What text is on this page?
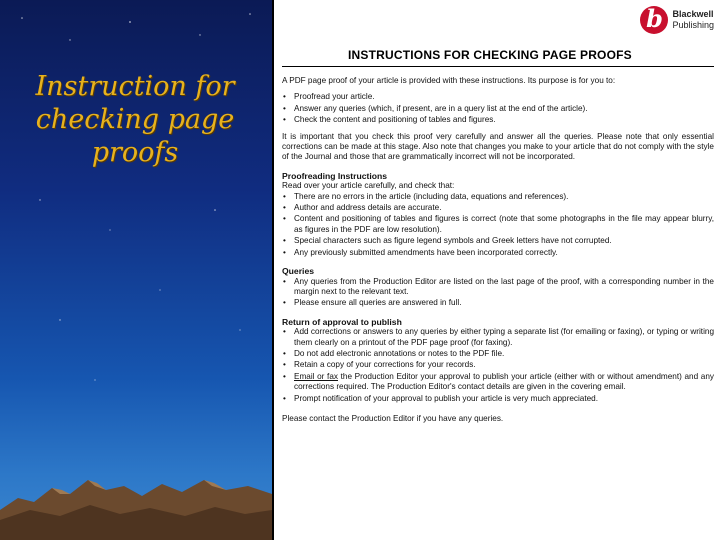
Instruction for checking page proofs
b	Blackwell
Publishing
INSTRUCTIONS FOR CHECKING PAGE PROOFS

A PDF page proof of your article is provided with these instructions. Its purpose is for you to:

• Proofread your article.
• Answer any queries (which, if present, are in a query list at the end of the article).
• Check the content and positioning of tables and figures.

It is important that you check this proof very carefully and answer all the queries. Please note that only essential corrections can be made at this stage. Also note that changes you make to your article that do not comply with the style of the Journal and those that are grammatically incorrect will not be incorporated.

Proofreading Instructions

Read over your article carefully, and check that:

• There are no errors in the article (including data, equations and references).
• Author and address details are accurate.
• Content and positioning of tables and figures is correct (note that some photographs in the file may appear blurry, as figures in the PDF are low resolution).
• Special characters such as figure legend symbols and Greek letters have not corrupted.
• Any previously submitted amendments have been incorporated correctly.
Queries
• Any queries from the Production Editor are listed on the last page of the proof, with a corresponding number in the margin next to the relevant text.
• Please ensure all queries are answered in full.
Return of approval to publish
• Add corrections or answers to any queries by either typing a separate list (for emailing or faxing), or typing or writing them clearly on a printout of the PDF page proof (for faxing).
• Do not add electronic annotations or notes to the PDF file.
• Retain a copy of your corrections for your records.
• Email or fax the Production Editor your approval to publish your article (either with or without amendment) and any corrections required. The Production Editor's contact details are given in the covering email.
• Prompt notification of your approval to publish your article is very much appreciated.

Please contact the Production Editor if you have any queries.
